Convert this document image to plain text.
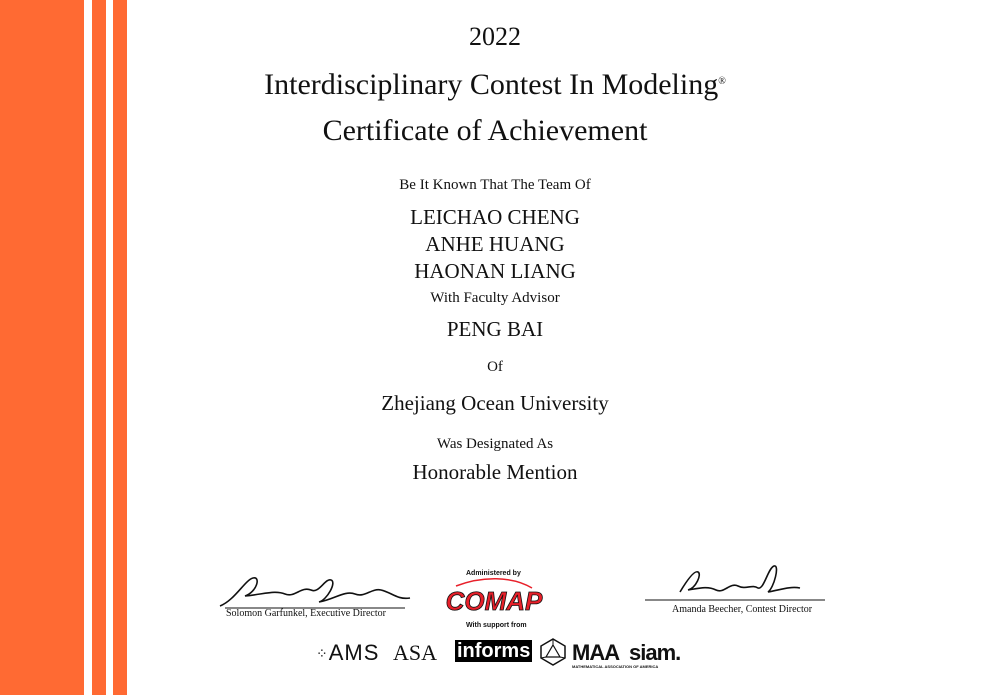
2022
Interdisciplinary Contest In Modeling®
Certificate of Achievement
Be It Known That The Team Of
LEICHAO CHENG
ANHE HUANG
HAONAN LIANG
With Faculty Advisor
PENG BAI
Of
Zhejiang Ocean University
Was Designated As
Honorable Mention
Solomon Garfunkel, Executive Director	Amanda Beecher, Contest Director
Administered by
COMAP
With support from
⁘AMS ASA informs MAA
MATHEMATICAL ASSOCIATION OF AMERICA
siam.
